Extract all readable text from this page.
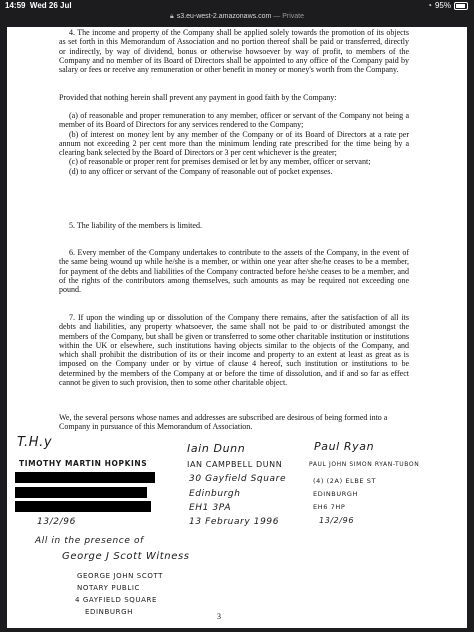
14:59 Wed 26 Jul	◔ 95%
🔒︎ s3.eu-west-2.amazonaws.com — Private
4. The income and property of the Company shall be applied solely towards the promotion of its objects as set forth in this Memorandum of Association and no portion thereof shall be paid or transferred, directly or indirectly, by way of dividend, bonus or otherwise howsoever by way of profit, to members of the Company and no member of its Board of Directors shall be appointed to any office of the Company paid by salary or fees or receive any remuneration or other benefit in money or money's worth from the Company.
Provided that nothing herein shall prevent any payment in good faith by the Company:
(a) of reasonable and proper remuneration to any member, officer or servant of the Company not being a member of its Board of Directors for any services rendered to the Company;
(b) of interest on money lent by any member of the Company or of its Board of Directors at a rate per annum not exceeding 2 per cent more than the minimum lending rate prescribed for the time being by a clearing bank selected by the Board of Directors or 3 per cent whichever is the greater;
(c) of reasonable or proper rent for premises demised or let by any member, officer or servant;
(d) to any officer or servant of the Company of reasonable out of pocket expenses.
5. The liability of the members is limited.
6. Every member of the Company undertakes to contribute to the assets of the Company, in the event of the same being wound up while he/she is a member, or within one year after she/he ceases to be a member, for payment of the debts and liabilities of the Company contracted before he/she ceases to be a member, and of the rights of the contributors among themselves, such amounts as may be required not exceeding one pound.
7. If upon the winding up or dissolution of the Company there remains, after the satisfaction of all its debts and liabilities, any property whatsoever, the same shall not be paid to or distributed amongst the members of the Company, but shall be given or transferred to some other charitable institution or institutions within the UK or elsewhere, such institutions having objects similar to the objects of the Company, and which shall prohibit the distribution of its or their income and property to an extent at least as great as is imposed on the Company under or by virtue of clause 4 hereof, such institution or institutions to be determined by the members of the Company at or before the time of dissolution, and if and so far as effect cannot be given to such provision, then to some other charitable object.
We, the several persons whose names and addresses are subscribed are desirous of being formed into a Company in pursuance of this Memorandum of Association.
T.H.y
TIMOTHY MARTIN HOPKINS
13/2/96
Iain Dunn
IAN CAMPBELL DUNN
30 Gayfield Square
Edinburgh
EH1 3PA
13 February 1996
Paul Ryan
PAUL JOHN SIMON RYAN-TUBON
(4) (2A) ELBE ST
EDINBURGH
EH6 7HP
13/2/96
All in the presence of
George J Scott Witness
GEORGE JOHN SCOTT
NOTARY PUBLIC
4 GAYFIELD SQUARE
EDINBURGH	3
